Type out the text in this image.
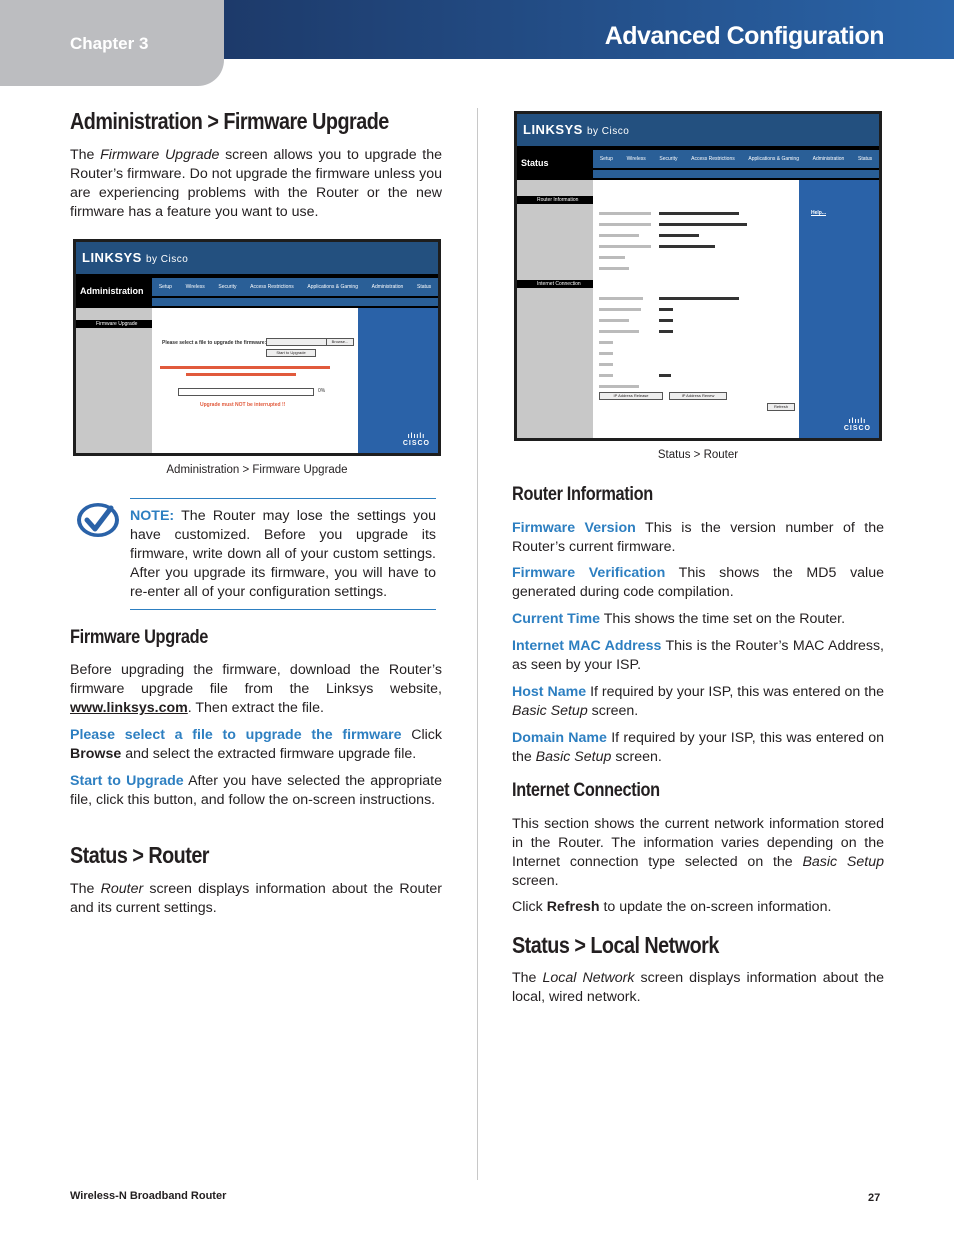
Chapter 3	Advanced Configuration
Administration > Firmware Upgrade

The Firmware Upgrade screen allows you to upgrade the Router’s firmware. Do not upgrade the firmware unless you are experiencing problems with the Router or the new firmware has a feature you want to use.

LINKSYS by Cisco
Administration	Setup	Wireless	Security	Access Restrictions	Applications & Gaming	Administration	Status
Firmware Upgrade
Please select a file to upgrade the firmware:	Browse...
Start to Upgrade
0%
Upgrade must NOT be interrupted !!
ılıılı
CISCO
Administration > Firmware Upgrade

NOTE: The Router may lose the settings you have customized. Before you upgrade its firmware, write down all of your custom settings. After you upgrade its firmware, you will have to re-enter all of your configuration settings.

Firmware Upgrade

Before upgrading the firmware, download the Router’s firmware upgrade file from the Linksys website, www.linksys.com. Then extract the file.

Please select a file to upgrade the firmware Click Browse and select the extracted firmware upgrade file.

Start to Upgrade After you have selected the appropriate file, click this button, and follow the on-screen instructions.

Status > Router

The Router screen displays information about the Router and its current settings.

LINKSYS by Cisco
Status	Setup	Wireless	Security	Access Restrictions	Applications & Gaming	Administration	Status
Router Information
Internet Connection
IP Address Release	IP Address Renew
Refresh
Help...
ılıılı
CISCO
Status > Router
Router Information

Firmware Version This is the version number of the Router’s current firmware.

Firmware Verification This shows the MD5 value generated during code compilation.

Current Time This shows the time set on the Router.

Internet MAC Address This is the Router’s MAC Address, as seen by your ISP.

Host Name If required by your ISP, this was entered on the Basic Setup screen.

Domain Name If required by your ISP, this was entered on the Basic Setup screen.

Internet Connection

This section shows the current network information stored in the Router. The information varies depending on the Internet connection type selected on the Basic Setup screen.

Click Refresh to update the on-screen information.

Status > Local Network

The Local Network screen displays information about the local, wired network.

Wireless-N Broadband Router	27
